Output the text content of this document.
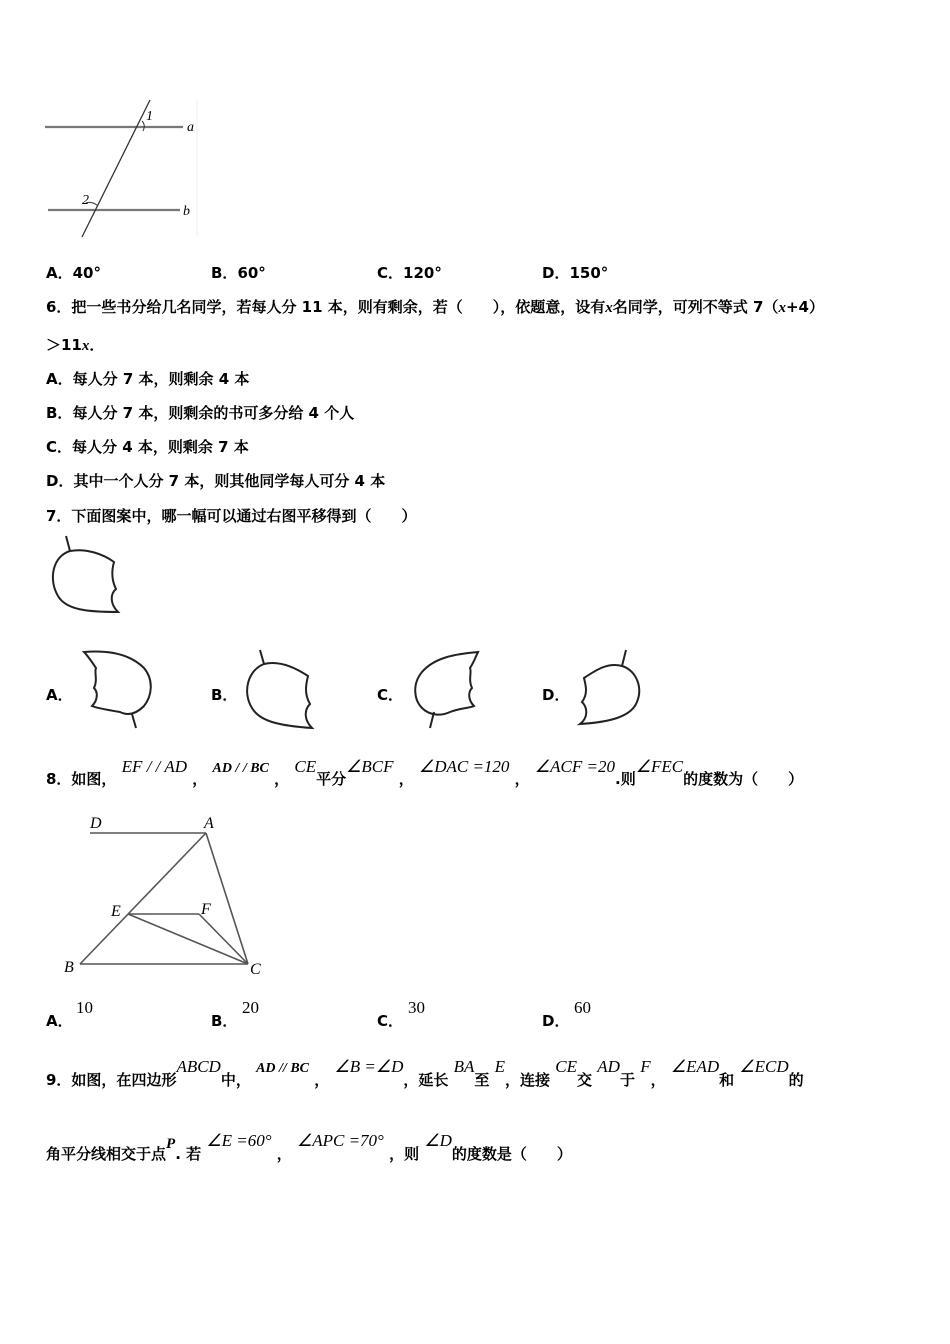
1
2
a
b
A．40°	B．60°	C．120°	D．150°
6．把一些书分给几名同学，若每人分 11 本，则有剩余，若（　　），依题意，设有x名同学，可列不等式 7（x+4）
＞11x．
A．每人分 7 本，则剩余 4 本
B．每人分 7 本，则剩余的书可多分给 4 个人
C．每人分 4 本，则剩余 7 本
D．其中一个人分 7 本，则其他同学每人可分 4 本
7．下面图案中，哪一幅可以通过右图平移得到（　　）
A．	B．	C．	D．
8．如图， EF / / AD ， AD / / BC ， CE平分∠BCF ， ∠DAC =120 ， ∠ACF =20.则∠FEC的度数为（　　）
D	A
E	F
B	C
A．
10
B．
20
C．
30
D．
60
9．如图，在四边形ABCD中， AD // BC ， ∠B =∠D，延长 BA至 E，连接 CE交 AD于 F， ∠EAD和 ∠ECD的
角平分线相交于点P. 若 ∠E =60° ， ∠APC =70° ，则 ∠D的度数是（　　）
